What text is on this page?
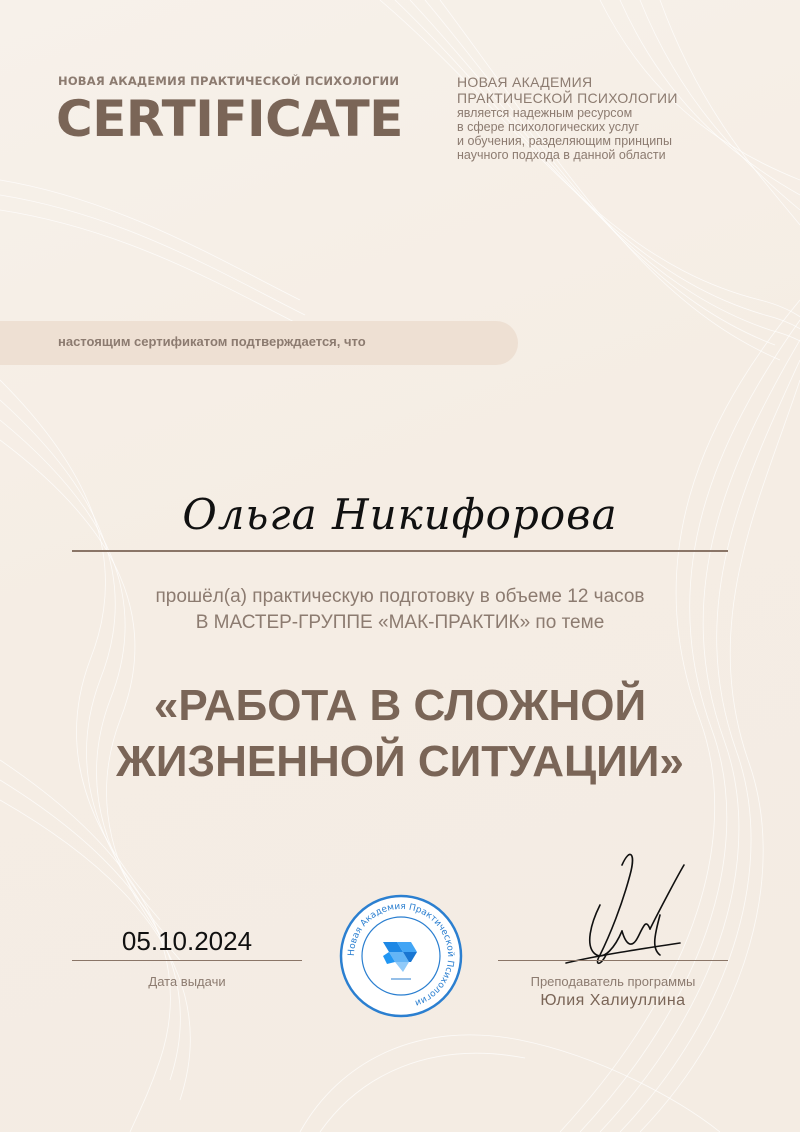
НОВАЯ АКАДЕМИЯ ПРАКТИЧЕСКОЙ ПСИХОЛОГИИ
CERTIFICATE
НОВАЯ АКАДЕМИЯ
ПРАКТИЧЕСКОЙ ПСИХОЛОГИИ
является надежным ресурсом
в сфере психологических услуг
и обучения, разделяющим принципы
научного подхода в данной области
настоящим сертификатом подтверждается, что
Ольга Никифорова
прошёл(а) практическую подготовку в объеме 12 часов
В МАСТЕР-ГРУППЕ «МАК-ПРАКТИК» по теме
«РАБОТА В СЛОЖНОЙ
ЖИЗНЕННОЙ СИТУАЦИИ»
05.10.2024
Дата выдачи
Новая Академия Практической Психологии
Преподаватель программы
Юлия Халиуллина
